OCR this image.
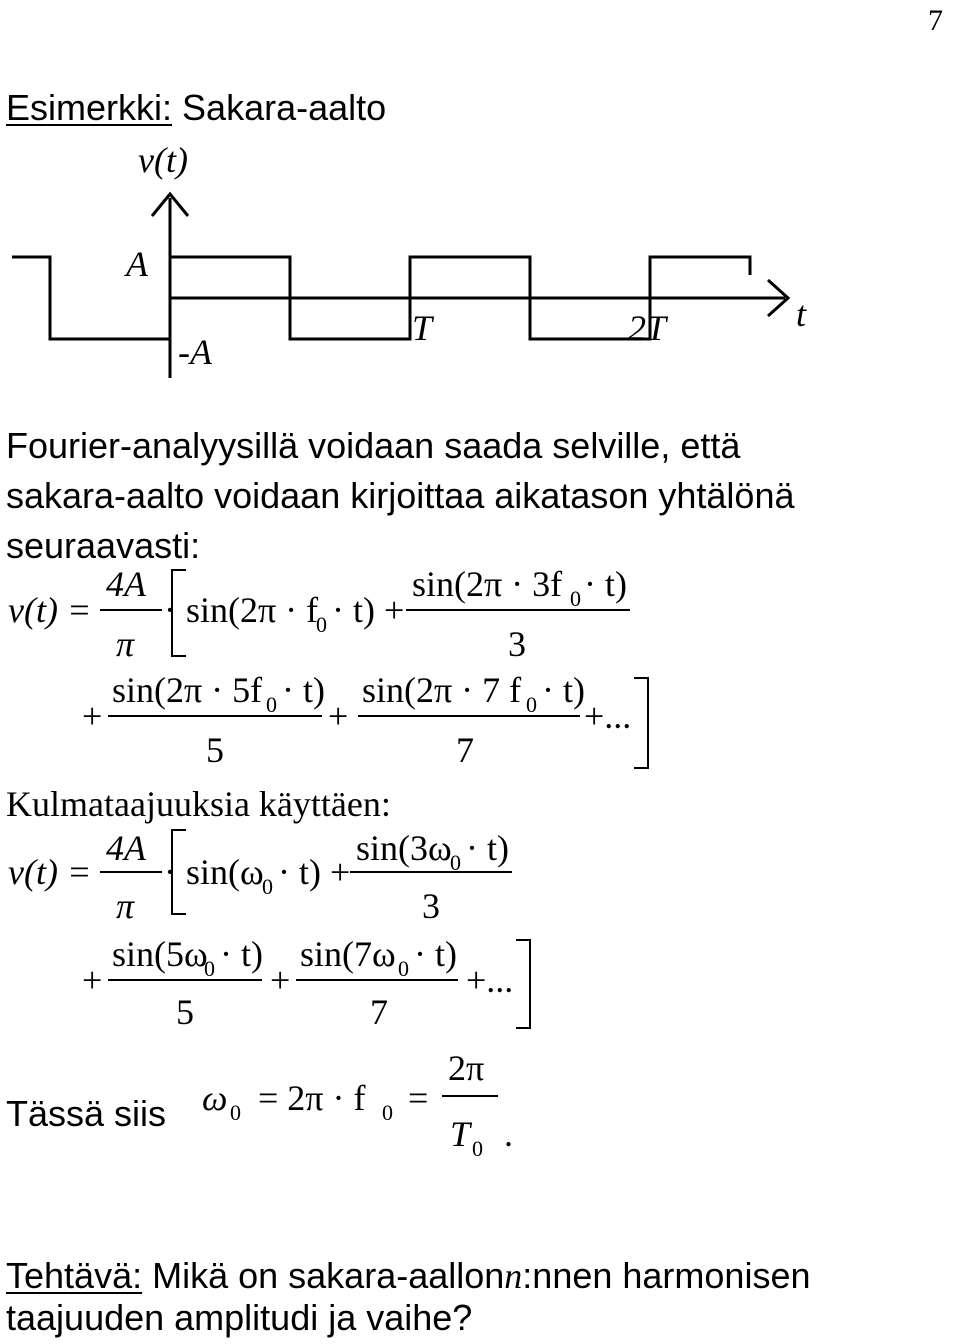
7
Esimerkki: Sakara-aalto
v(t)
A
-A
T	2T	t
Fourier-analyysillä voidaan saada selville, että
sakara-aalto voidaan kirjoittaa aikatason yhtälönä
seuraavasti:
v(t) =
4A
π
· sin(2π · f
0 · t) +
sin(2π · 3f 0 · t)
3
+
sin(2π · 5f 0 · t)
5
+
sin(2π · 7 f 0 · t)
7
+...
Kulmataajuuksia käyttäen:
v(t) =
4A
π
· sin(ω
0 · t) +
sin(3ω
0 · t)
3
+
sin(5ω
0 · t)
5
+
sin(7ω 0 · t)
7
+...
Tässä siis ω 0 = 2π · f 0 =
2π
T 0 .
Tehtävä: Mikä on sakara-aallonn:nnen harmonisen
taajuuden amplitudi ja vaihe?
